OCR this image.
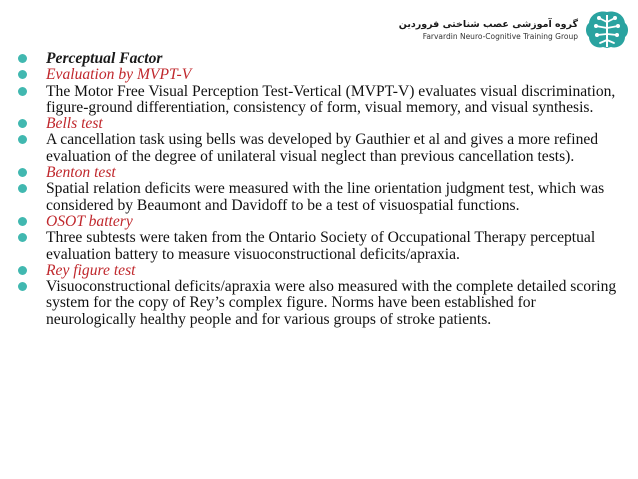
گروه آموزشی عصب شناختی فروردین
Farvardin Neuro-Cognitive Training Group
Perceptual Factor
Evaluation by MVPT-V
The Motor Free Visual Perception Test-Vertical (MVPT-V) evaluates visual discrimination, figure-ground differentiation, consistency of form, visual memory, and visual synthesis.
Bells test
A cancellation task using bells was developed by Gauthier et al and gives a more refined evaluation of the degree of unilateral visual neglect than previous cancellation tests).
Benton test
Spatial relation deficits were measured with the line orientation judgment test, which was considered by Beaumont and Davidoff to be a test of visuospatial functions.
OSOT battery
Three subtests were taken from the Ontario Society of Occupational Therapy perceptual evaluation battery to measure visuoconstructional deficits/apraxia.
Rey figure test
Visuoconstructional deficits/apraxia were also measured with the complete detailed scoring system for the copy of Rey’s complex figure. Norms have been established for neurologically healthy people and for various groups of stroke patients.
